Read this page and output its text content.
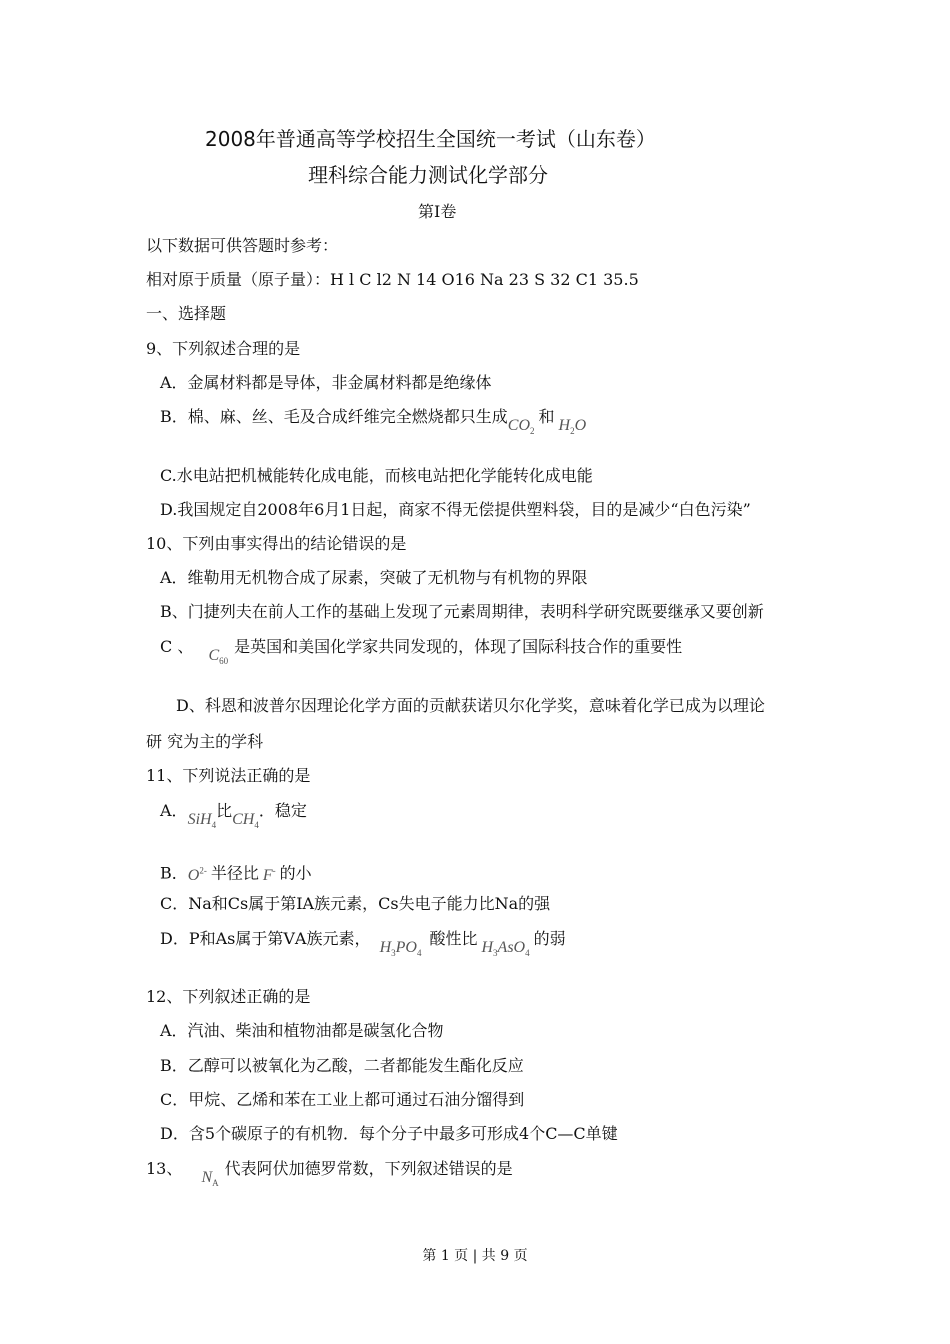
2008年普通高等学校招生全国统一考试（山东卷）
理科综合能力测试化学部分
第Ⅰ卷
以下数据可供答题时参考：
相对原于质量（原子量）：H l C l2 N 14 O16 Na 23 S 32 C1 35.5
一、选择题
9、下列叙述合理的是
A．金属材料都是导体，非金属材料都是绝缘体
B．棉、麻、丝、毛及合成纤维完全燃烧都只生成$CO_2$和 $H_2O$
C.水电站把机械能转化成电能，而核电站把化学能转化成电能
D.我国规定自2008年6月1日起，商家不得无偿提供塑料袋，目的是减少“白色污染”
10、下列由事实得出的结论错误的是
A．维勒用无机物合成了尿素，突破了无机物与有机物的界限
B、门捷列夫在前人工作的基础上发现了元素周期律，表明科学研究既要继承又要创新
C 、 $C_{60}$是英国和美国化学家共同发现的，体现了国际科技合作的重要性
D、科恩和波普尔因理论化学方面的贡献获诺贝尔化学奖，意味着化学已成为以理论
研 究为主的学科
11、下列说法正确的是
A．SiH$_4$比$CH_4$．稳定
B．$O^{2-}$ 半径比 F- 的小
C．Na和Cs属于第ⅠA族元素，Cs失电子能力比Na的强
D．P和As属于第ⅤA族元素， $H_3PO_4$酸性比 $H_3AsO_4$的弱
12、下列叙述正确的是
A．汽油、柴油和植物油都是碳氢化合物
B．乙醇可以被氧化为乙酸，二者都能发生酯化反应
C．甲烷、乙烯和苯在工业上都可通过石油分馏得到
D．含5个碳原子的有机物．每个分子中最多可形成4个C—C单键
13、 $N_A$代表阿伏加德罗常数，下列叙述错误的是
第 1 页 | 共 9 页
